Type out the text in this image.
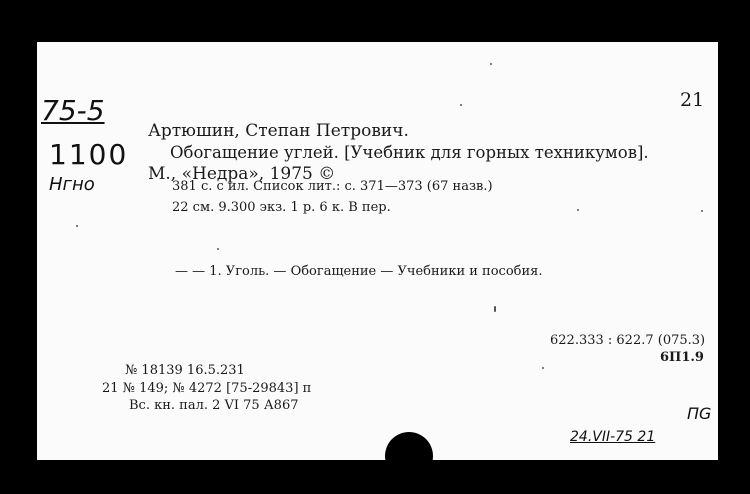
75-5
1100
Нгно
21
Артюшин, Степан Петрович.
Обогащение углей. [Учебник для горных техникумов].
М., «Недра», 1975 ©
381 с. с ил. Список лит.: с. 371—373 (67 назв.)
22 см. 9.300 экз. 1 р. 6 к. В пер.
— — 1. Уголь. — Обогащение — Учебники и пособия.
622.333 : 622.7 (075.3)
6П1.9
№ 18139 16.5.231
21 № 149; № 4272 [75-29843] п
Вс. кн. пал. 2 VI 75 А867
24.VII-75 21
ПG
